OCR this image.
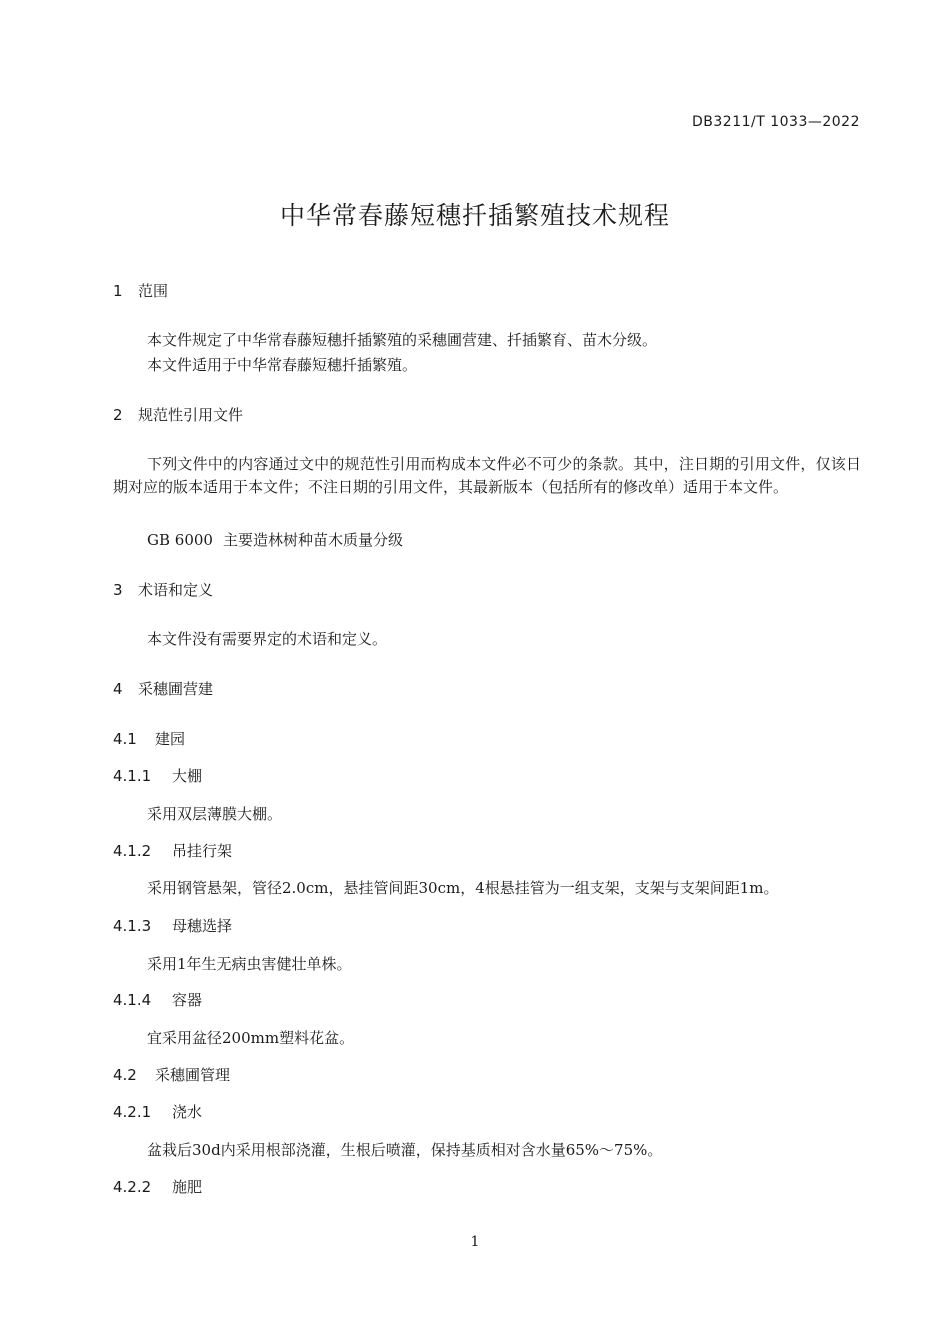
DB3211/T 1033—2022
中华常春藤短穗扦插繁殖技术规程
1 范围
本文件规定了中华常春藤短穗扦插繁殖的采穗圃营建、扦插繁育、苗木分级。
本文件适用于中华常春藤短穗扦插繁殖。
2 规范性引用文件
下列文件中的内容通过文中的规范性引用而构成本文件必不可少的条款。其中，注日期的引用文件，仅该日期对应的版本适用于本文件；不注日期的引用文件，其最新版本（包括所有的修改单）适用于本文件。
GB 6000 主要造林树种苗木质量分级
3 术语和定义
本文件没有需要界定的术语和定义。
4 采穗圃营建
4.1 建园
4.1.1 大棚
采用双层薄膜大棚。
4.1.2 吊挂行架
采用钢管悬架，管径2.0cm，悬挂管间距30cm，4根悬挂管为一组支架，支架与支架间距1m。
4.1.3 母穗选择
采用1年生无病虫害健壮单株。
4.1.4 容器
宜采用盆径200mm塑料花盆。
4.2 采穗圃管理
4.2.1 浇水
盆栽后30d内采用根部浇灌，生根后喷灌，保持基质相对含水量65%～75%。
4.2.2 施肥
1
